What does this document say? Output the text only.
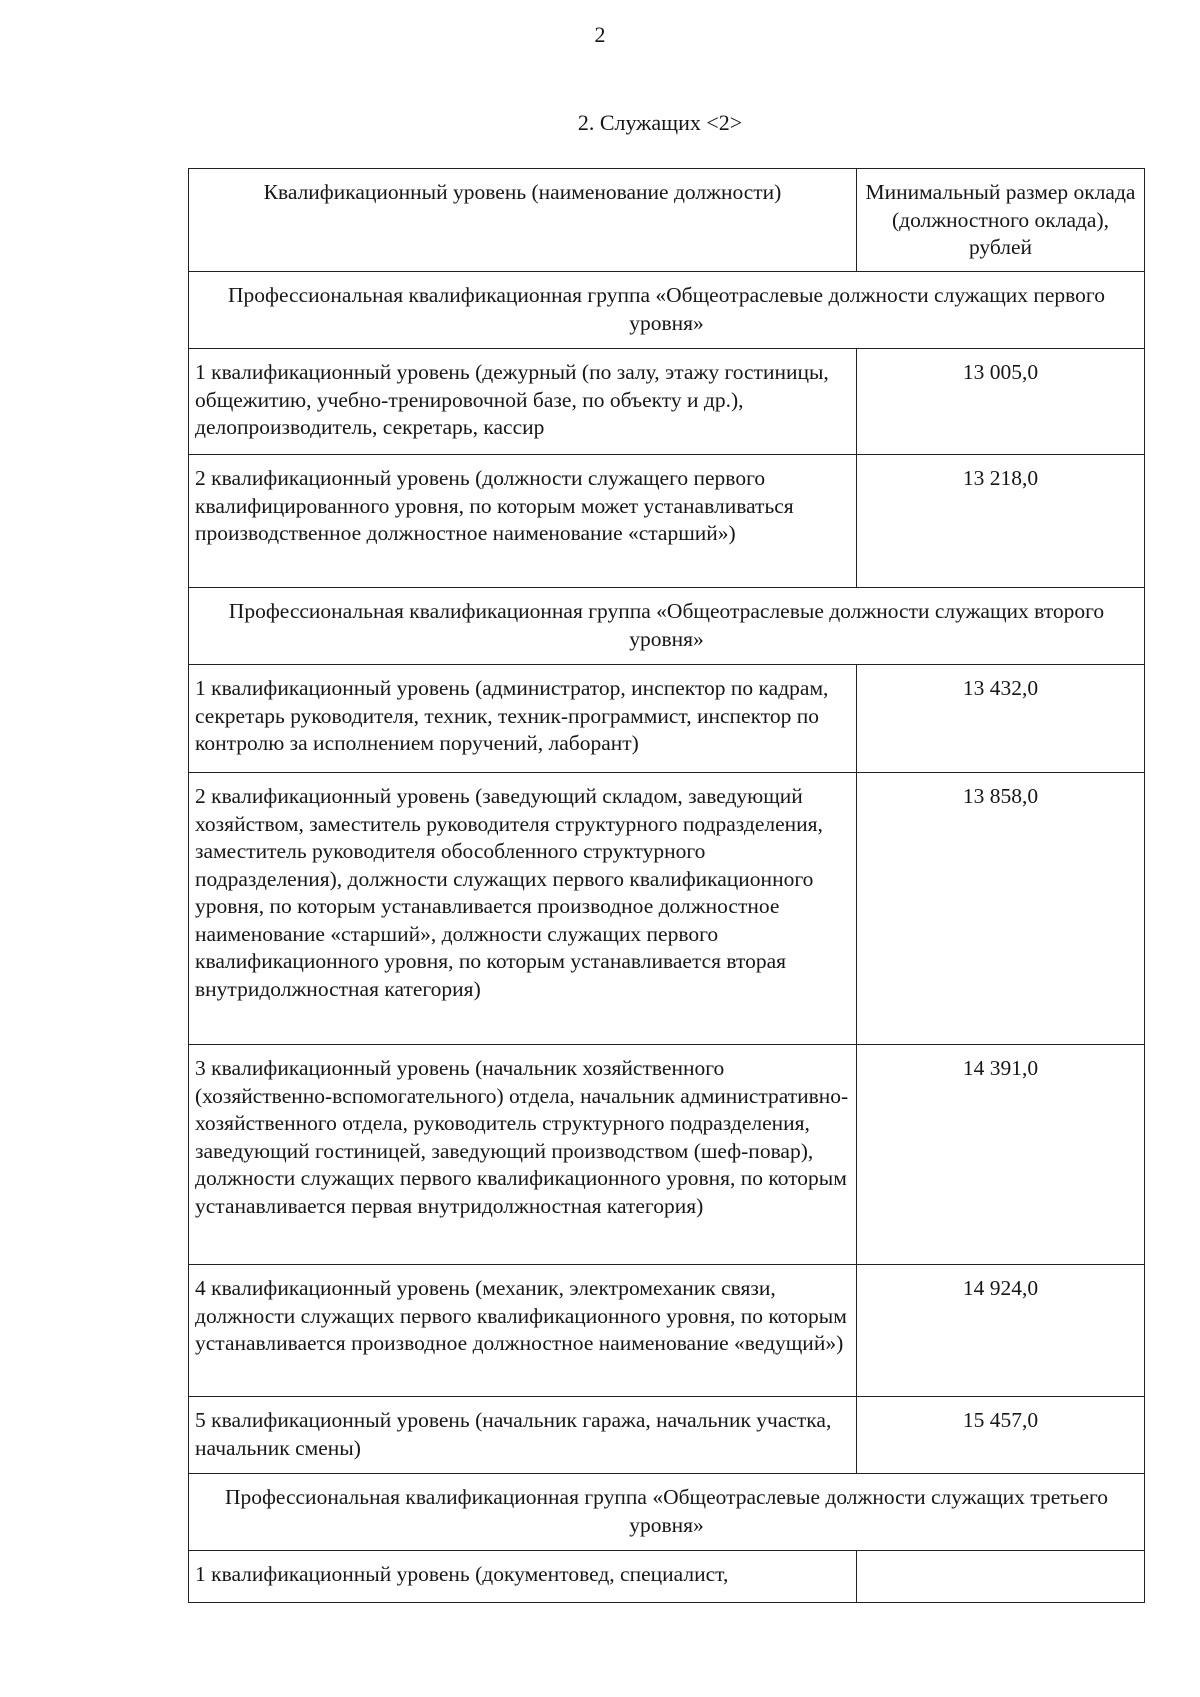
2
2. Служащих <2>
Квалификационный уровень (наименование должности)	Минимальный размер оклада (должностного оклада), рублей
Профессиональная квалификационная группа «Общеотраслевые должности служащих первого уровня»	
1 квалификационный уровень (дежурный (по залу, этажу гостиницы, общежитию, учебно-тренировочной базе, по объекту и др.), делопроизводитель, секретарь, кассир	13 005,0
2 квалификационный уровень (должности служащего первого квалифицированного уровня, по которым может устанавливаться производственное должностное наименование «старший»)	13 218,0
Профессиональная квалификационная группа «Общеотраслевые должности служащих второго уровня»	
1 квалификационный уровень (администратор, инспектор по кадрам, секретарь руководителя, техник, техник-программист, инспектор по контролю за исполнением поручений, лаборант)	13 432,0
2 квалификационный уровень (заведующий складом, заведующий хозяйством, заместитель руководителя структурного подразделения, заместитель руководителя обособленного структурного подразделения), должности служащих первого квалификационного уровня, по которым устанавливается производное должностное наименование «старший», должности служащих первого квалификационного уровня, по которым устанавливается вторая внутридолжностная категория)	13 858,0
3 квалификационный уровень (начальник хозяйственного (хозяйственно-вспомогательного) отдела, начальник административно-хозяйственного отдела, руководитель структурного подразделения, заведующий гостиницей, заведующий производством (шеф-повар), должности служащих первого квалификационного уровня, по которым устанавливается первая внутридолжностная категория)	14 391,0
4 квалификационный уровень (механик, электромеханик связи, должности служащих первого квалификационного уровня, по которым устанавливается производное должностное наименование «ведущий»)	14 924,0
5 квалификационный уровень (начальник гаража, начальник участка, начальник смены)	15 457,0
Профессиональная квалификационная группа «Общеотраслевые должности служащих третьего уровня»	
1 квалификационный уровень (документовед, специалист,	
